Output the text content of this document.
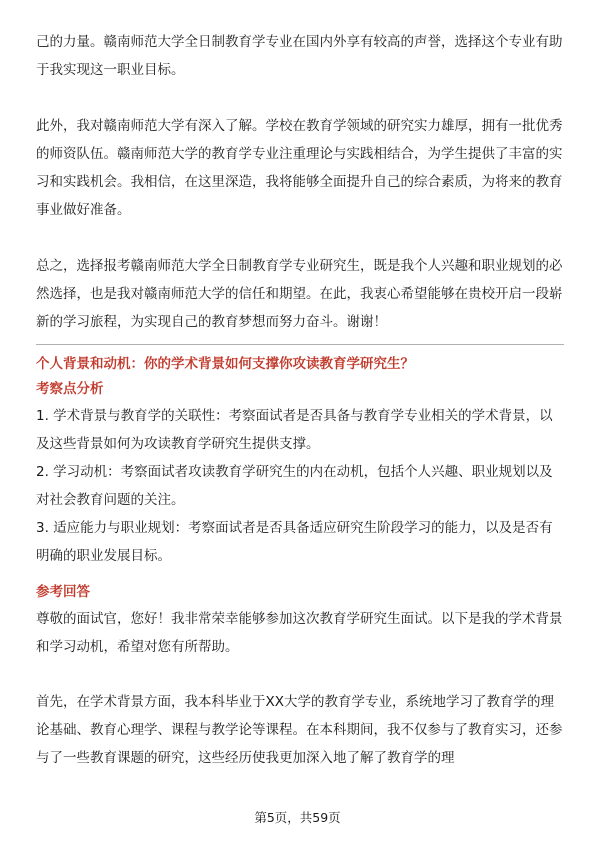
己的力量。赣南师范大学全日制教育学专业在国内外享有较高的声誉，选择这个专业有助于我实现这一职业目标。

此外，我对赣南师范大学有深入了解。学校在教育学领域的研究实力雄厚，拥有一批优秀的师资队伍。赣南师范大学的教育学专业注重理论与实践相结合，为学生提供了丰富的实习和实践机会。我相信，在这里深造，我将能够全面提升自己的综合素质，为将来的教育事业做好准备。

总之，选择报考赣南师范大学全日制教育学专业研究生，既是我个人兴趣和职业规划的必然选择，也是我对赣南师范大学的信任和期望。在此，我衷心希望能够在贵校开启一段崭新的学习旅程，为实现自己的教育梦想而努力奋斗。谢谢！

个人背景和动机：你的学术背景如何支撑你攻读教育学研究生？

考察点分析

1. 学术背景与教育学的关联性：考察面试者是否具备与教育学专业相关的学术背景，以及这些背景如何为攻读教育学研究生提供支撑。

2. 学习动机：考察面试者攻读教育学研究生的内在动机，包括个人兴趣、职业规划以及对社会教育问题的关注。

3. 适应能力与职业规划：考察面试者是否具备适应研究生阶段学习的能力，以及是否有明确的职业发展目标。

参考回答

尊敬的面试官，您好！我非常荣幸能够参加这次教育学研究生面试。以下是我的学术背景和学习动机，希望对您有所帮助。

首先，在学术背景方面，我本科毕业于XX大学的教育学专业，系统地学习了教育学的理论基础、教育心理学、课程与教学论等课程。在本科期间，我不仅参与了教育实习，还参与了一些教育课题的研究，这些经历使我更加深入地了解了教育学的理

第5页，共59页
